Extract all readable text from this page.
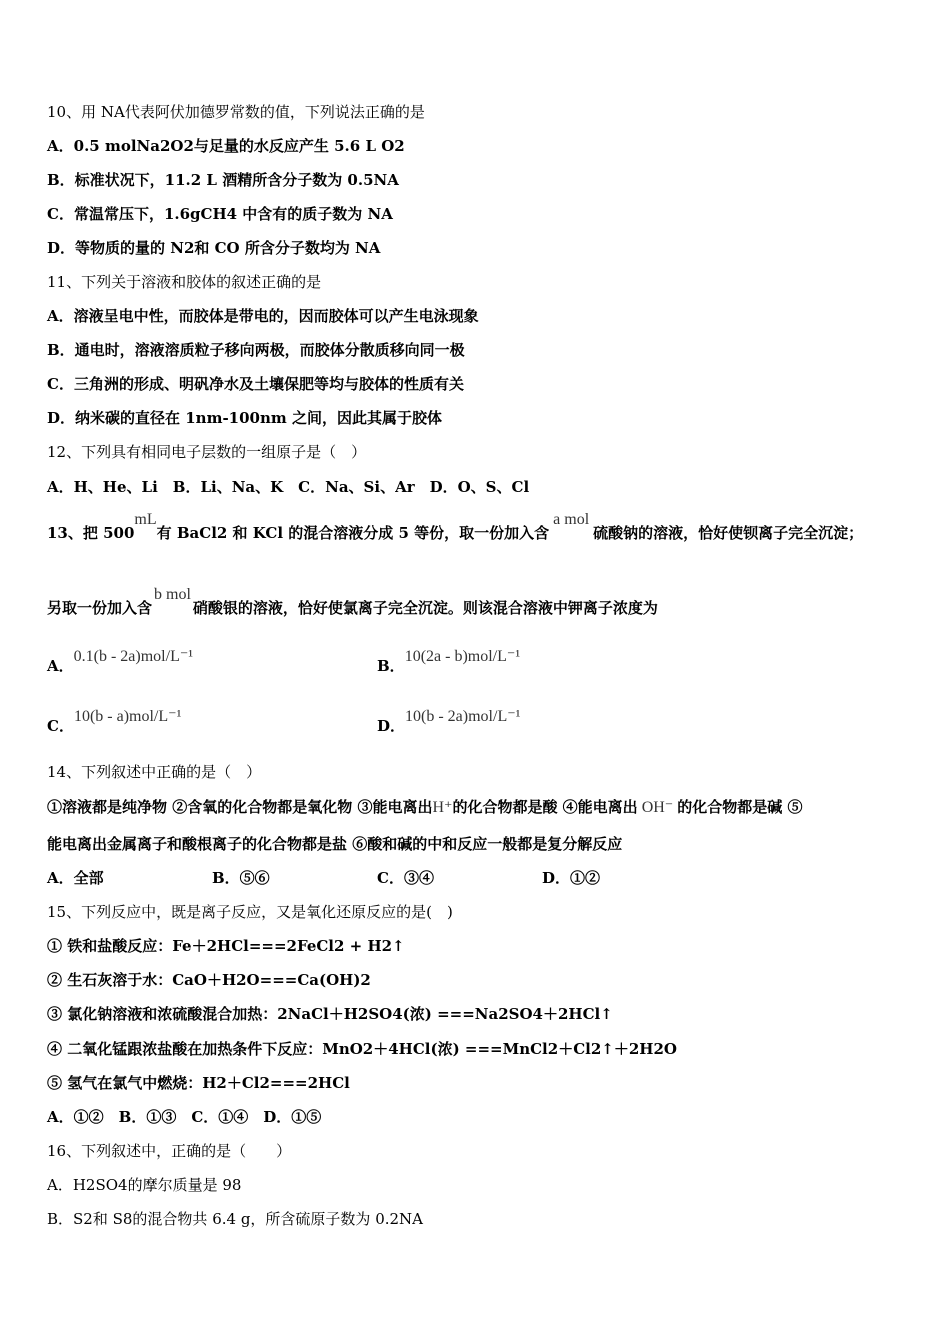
10、用 NA代表阿伏加德罗常数的值，下列说法正确的是
A．0.5 molNa2O2与足量的水反应产生 5.6 L O2
B．标准状况下，11.2 L 酒精所含分子数为 0.5NA
C．常温常压下，1.6gCH4 中含有的质子数为 NA
D．等物质的量的 N2和 CO 所含分子数均为 NA
11、下列关于溶液和胶体的叙述正确的是
A．溶液呈电中性，而胶体是带电的，因而胶体可以产生电泳现象
B．通电时，溶液溶质粒子移向两极，而胶体分散质移向同一极
C．三角洲的形成、明矾净水及土壤保肥等均与胶体的性质有关
D．纳米碳的直径在 1nm-100nm 之间，因此其属于胶体
12、下列具有相同电子层数的一组原子是（　）
A．H、He、Li　B．Li、Na、K　C．Na、Si、Ar　D．O、S、Cl
13、把 500mL有 BaCl2 和 KCl 的混合溶液分成 5 等份，取一份加入含a mol硫酸钠的溶液，恰好使钡离子完全沉淀；
另取一份加入含b mol硝酸银的溶液，恰好使氯离子完全沉淀。则该混合溶液中钾离子浓度为
A．0.1(b - 2a)mol/L⁻¹
B．10(2a - b)mol/L⁻¹
C．10(b - a)mol/L⁻¹
D．10(b - 2a)mol/L⁻¹
14、下列叙述中正确的是（　）
①溶液都是纯净物 ②含氧的化合物都是氧化物 ③能电离出H⁺的化合物都是酸 ④能电离出 OH⁻ 的化合物都是碱 ⑤
能电离出金属离子和酸根离子的化合物都是盐 ⑥酸和碱的中和反应一般都是复分解反应
A．全部	B．⑤⑥	C．③④	D．①②
15、下列反应中，既是离子反应，又是氧化还原反应的是(　)
① 铁和盐酸反应：Fe＋2HCl===2FeCl2 + H2↑
② 生石灰溶于水：CaO＋H2O===Ca(OH)2
③ 氯化钠溶液和浓硫酸混合加热：2NaCl＋H2SO4(浓) ===Na2SO4＋2HCl↑
④ 二氧化锰跟浓盐酸在加热条件下反应：MnO2＋4HCl(浓) ===MnCl2＋Cl2↑＋2H2O
⑤ 氢气在氯气中燃烧：H2＋Cl2===2HCl
A．①②　B．①③　C．①④　D．①⑤
16、下列叙述中，正确的是（　　）
A．H2SO4的摩尔质量是 98
B．S2和 S8的混合物共 6.4 g，所含硫原子数为 0.2NA
